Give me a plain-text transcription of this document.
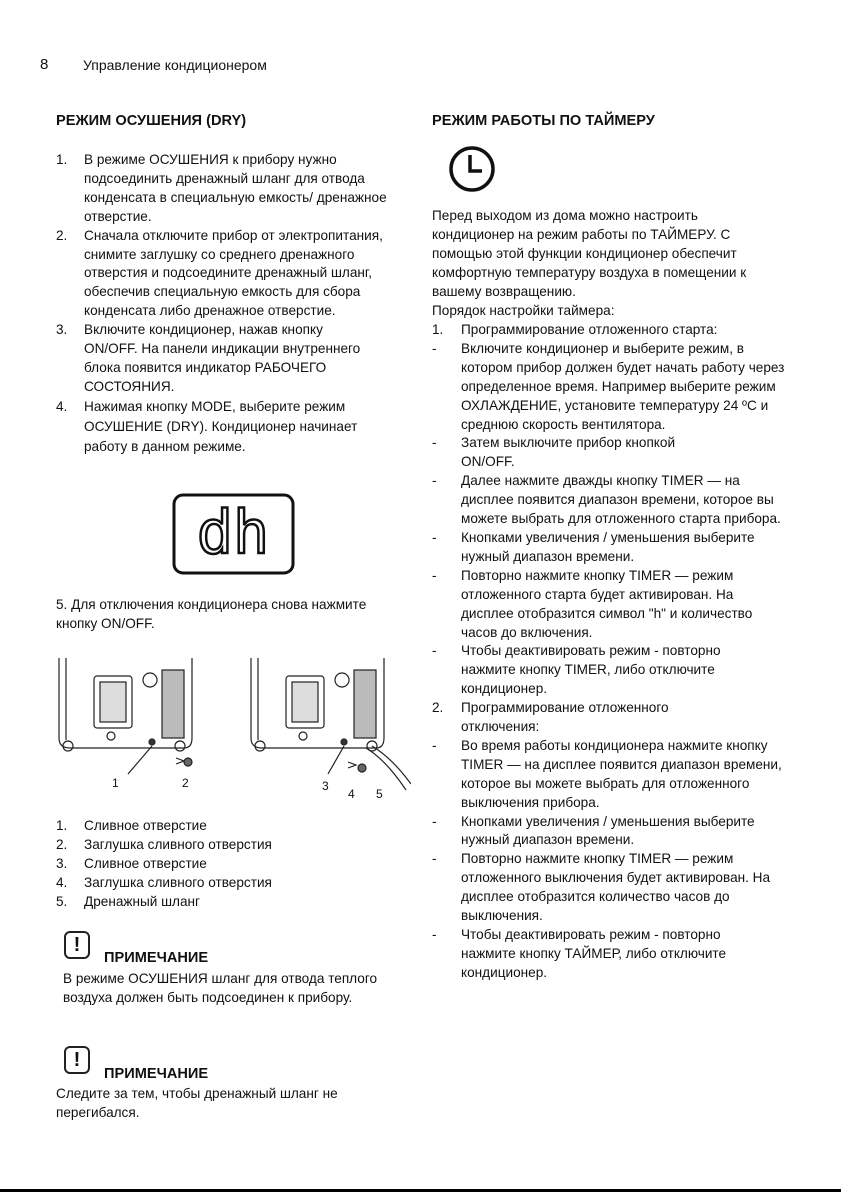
8 Управление кондиционером
РЕЖИМ ОСУШЕНИЯ (DRY)
1. В режиме ОСУШЕНИЯ к прибору нужно подсоединить дренажный шланг для отвода конденсата в специальную емкость/ дренажное отверстие.
2. Сначала отключите прибор от электропитания, снимите заглушку со среднего дренажного отверстия и подсоедините дренажный шланг, обеспечив специальную емкость для сбора конденсата либо дренажное отверстие.
3. Включите кондиционер, нажав кнопку ON/OFF. На панели индикации внутреннего блока появится индикатор РАБОЧЕГО СОСТОЯНИЯ.
4. Нажимая кнопку MODE, выберите режим ОСУШЕНИЕ (DRY). Кондиционер начинает работу в данном режиме.
dh
5. Для отключения кондиционера снова нажмите кнопку ON/OFF.
1	2	3
4 5
1. Сливное отверстие
2. Заглушка сливного отверстия
3. Сливное отверстие
4. Заглушка сливного отверстия
5. Дренажный шланг
!
ПРИМЕЧАНИЕ
В режиме ОСУШЕНИЯ шланг для отвода теплого воздуха должен быть подсоединен к прибору.
!
ПРИМЕЧАНИЕ
Следите за тем, чтобы дренажный шланг не перегибался.
РЕЖИМ РАБОТЫ ПО ТАЙМЕРУ
Перед выходом из дома можно настроить кондиционер на режим работы по ТАЙМЕРУ. С помощью этой функции кондиционер обеспечит комфортную температуру воздуха в помещении к вашему возвращению.
Порядок настройки таймера:
1. Программирование отложенного старта:
- Включите кондиционер и выберите режим, в котором прибор должен будет начать работу через определенное время. Например выберите режим ОХЛАЖДЕНИЕ, установите температуру 24 ºС и среднюю скорость вентилятора.
- Затем выключите прибор кнопкой ON/OFF.
- Далее нажмите дважды кнопку TIMER — на дисплее появится диапазон времени, которое вы можете выбрать для отложенного старта прибора.
- Кнопками увеличения / уменьшения выберите нужный диапазон времени.
- Повторно нажмите кнопку TIMER — режим отложенного старта будет активирован. На дисплее отобразится символ "h" и количество часов до включения.
- Чтобы деактивировать режим - повторно нажмите кнопку TIMER, либо отключите кондиционер.
2. Программирование отложенного отключения:
- Во время работы кондиционера нажмите кнопку TIMER — на дисплее появится диапазон времени, которое вы можете выбрать для отложенного выключения прибора.
- Кнопками увеличения / уменьшения выберите нужный диапазон времени.
- Повторно нажмите кнопку TIMER — режим отложенного выключения будет активирован. На дисплее отобразится количество часов до выключения.
- Чтобы деактивировать режим - повторно нажмите кнопку ТАЙМЕР, либо отключите кондиционер.
